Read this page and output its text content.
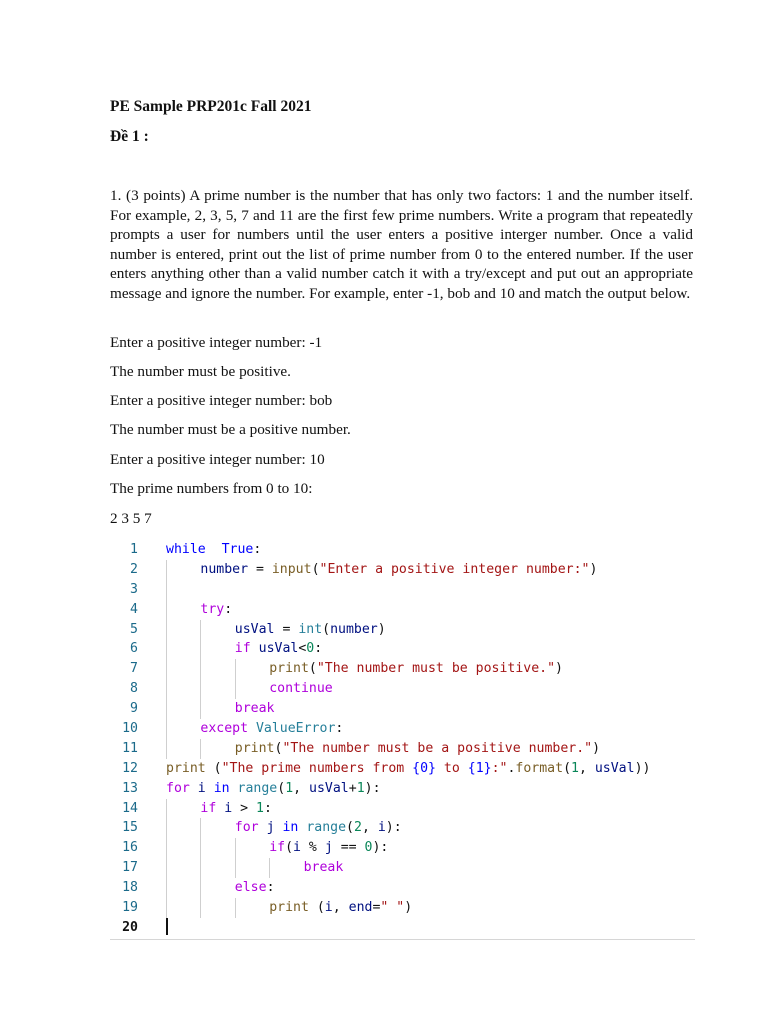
PE Sample PRP201c Fall 2021
Đề 1 :

1. (3 points) A prime number is the number that has only two factors: 1 and the number itself. For example, 2, 3, 5, 7 and 11 are the first few prime numbers. Write a program that repeatedly prompts a user for numbers until the user enters a positive interger number. Once a valid number is entered, print out the list of prime number from 0 to the entered number. If the user enters anything other than a valid number catch it with a try/except and put out an appropriate message and ignore the number. For example, enter -1, bob and 10 and match the output below.

Enter a positive integer number: -1
The number must be positive.
Enter a positive integer number: bob
The number must be a positive number.
Enter a positive integer number: 10
The prime numbers from 0 to 10:
2 3 5 7
1 while True:
2	number = input("Enter a positive integer number:")
3
4	try:
5	usVal = int(number)
6	if usVal<0:
7	print("The number must be positive.")
8	continue
9	break
10	except ValueError:
11	print("The number must be a positive number.")
12 print ("The prime numbers from {0} to {1}:".format(1, usVal))
13 for i in range(1, usVal+1):
14	if i > 1:
15	for j in range(2, i):
16	if(i % j == 0):
17	break
18	else:
19	print (i, end=" ")
20
